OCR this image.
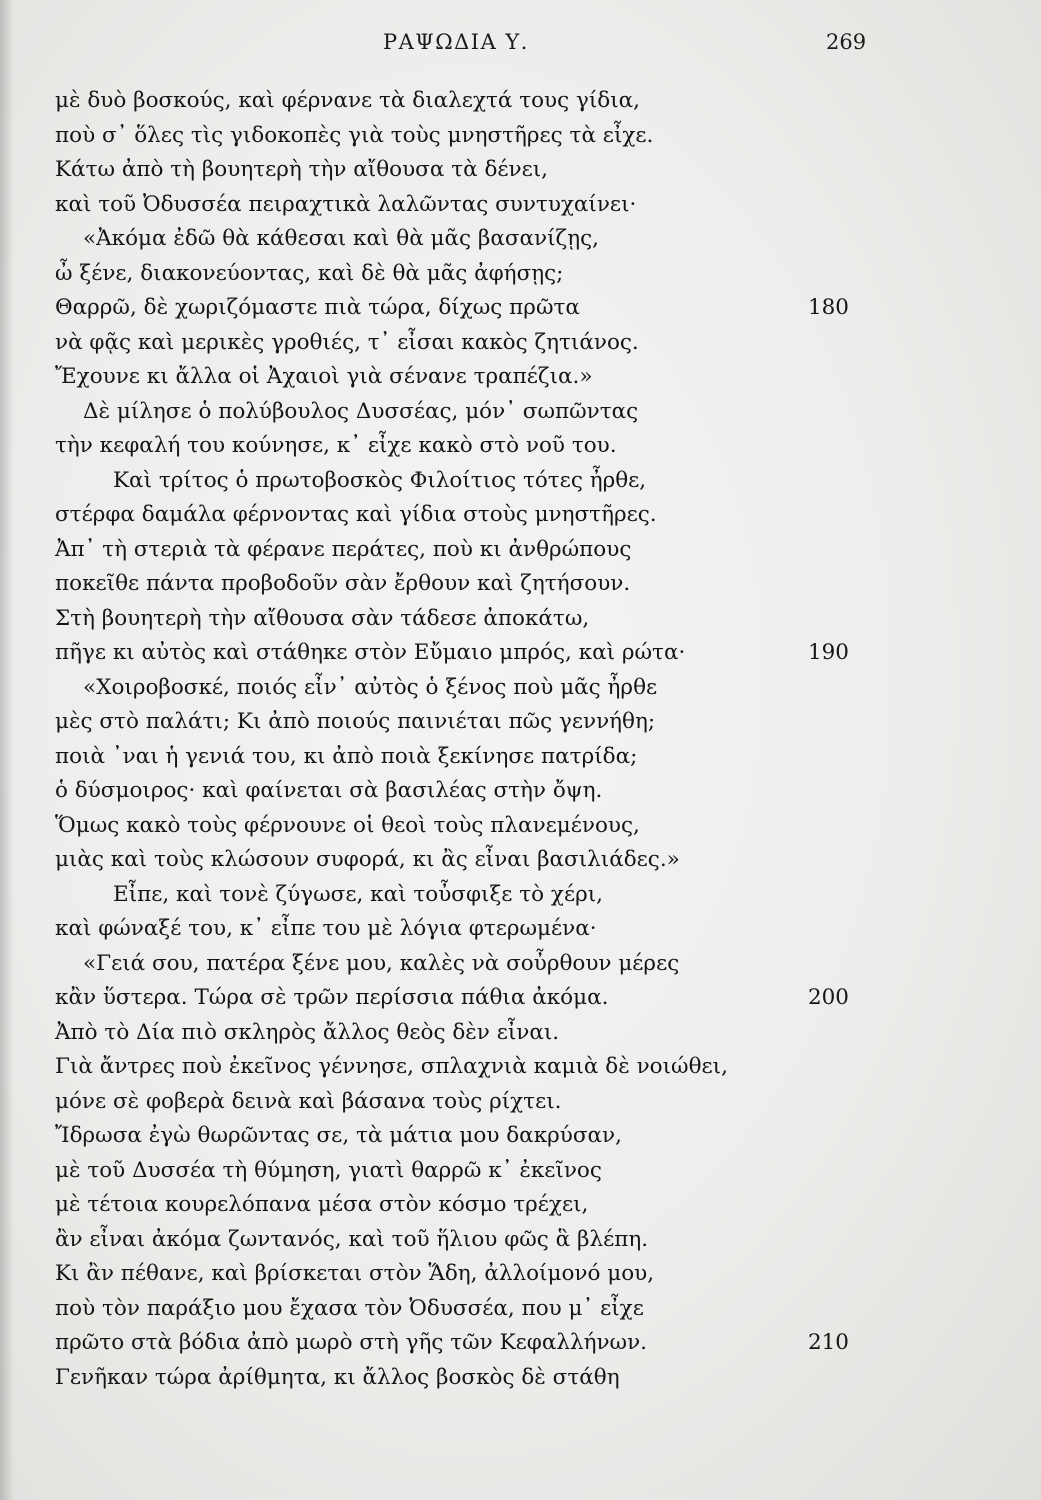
ΡΑΨΩΔΙΑ Υ.	269
μὲ δυὸ βοσκούς, καὶ φέρνανε τὰ διαλεχτά τους γίδια,
ποὺ σ᾿ ὅλες τὶς γιδοκοπὲς γιὰ τοὺς μνηστῆρες τὰ εἶχε.
Κάτω ἀπὸ τὴ βουητερὴ τὴν αἴθουσα τὰ δένει,
καὶ τοῦ Ὀδυσσέα πειραχτικὰ λαλῶντας συντυχαίνει·
«Ἀκόμα ἐδῶ θὰ κάθεσαι καὶ θὰ μᾶς βασανίζῃς,
ὦ ξένε, διακονεύοντας, καὶ δὲ θὰ μᾶς ἀφήσῃς;
Θαρρῶ, δὲ χωριζόμαστε πιὰ τώρα, δίχως πρῶτα	180
νὰ φᾷς καὶ μερικὲς γροθιές, τ᾿ εἶσαι κακὸς ζητιάνος.
Ἔχουνε κι ἄλλα οἱ Ἀχαιοὶ γιὰ σένανε τραπέζια.»
Δὲ μίλησε ὁ πολύβουλος Δυσσέας, μόν᾿ σωπῶντας
τὴν κεφαλή του κούνησε, κ᾿ εἶχε κακὸ στὸ νοῦ του.
Καὶ τρίτος ὁ πρωτοβοσκὸς Φιλοίτιος τότες ἦρθε,
στέρφα δαμάλα φέρνοντας καὶ γίδια στοὺς μνηστῆρες.
Ἀπ᾿ τὴ στεριὰ τὰ φέρανε περάτες, ποὺ κι ἀνθρώπους
ποκεῖθε πάντα προβοδοῦν σὰν ἔρθουν καὶ ζητήσουν.
Στὴ βουητερὴ τὴν αἴθουσα σὰν τάδεσε ἀποκάτω,
πῆγε κι αὐτὸς καὶ στάθηκε στὸν Εὔμαιο μπρός, καὶ ρώτα·	190
«Χοιροβοσκέ, ποιός εἶν᾿ αὐτὸς ὁ ξένος ποὺ μᾶς ἦρθε
μὲς στὸ παλάτι; Κι ἀπὸ ποιούς παινιέται πῶς γεννήθη;
ποιὰ ᾿ναι ἡ γενιά του, κι ἀπὸ ποιὰ ξεκίνησε πατρίδα;
ὁ δύσμοιρος· καὶ φαίνεται σὰ βασιλέας στὴν ὄψη.
Ὅμως κακὸ τοὺς φέρνουνε οἱ θεοὶ τοὺς πλανεμένους,
μιὰς καὶ τοὺς κλώσουν συφορά, κι ἂς εἶναι βασιλιάδες.»
Εἶπε, καὶ τονὲ ζύγωσε, καὶ τοὖσφιξε τὸ χέρι,
καὶ φώναξέ του, κ᾿ εἶπε του μὲ λόγια φτερωμένα·
«Γειά σου, πατέρα ξένε μου, καλὲς νὰ σοὖρθουν μέρες
κἂν ὕστερα. Τώρα σὲ τρῶν περίσσια πάθια ἀκόμα.	200
Ἀπὸ τὸ Δία πιὸ σκληρὸς ἄλλος θεὸς δὲν εἶναι.
Γιὰ ἄντρες ποὺ ἐκεῖνος γέννησε, σπλαχνιὰ καμιὰ δὲ νοιώθει,
μόνε σὲ φοβερὰ δεινὰ καὶ βάσανα τοὺς ρίχτει.
Ἴδρωσα ἐγὼ θωρῶντας σε, τὰ μάτια μου δακρύσαν,
μὲ τοῦ Δυσσέα τὴ θύμηση, γιατὶ θαρρῶ κ᾿ ἐκεῖνος
μὲ τέτοια κουρελόπανα μέσα στὸν κόσμο τρέχει,
ἂν εἶναι ἀκόμα ζωντανός, καὶ τοῦ ἥλιου φῶς ἃ βλέπη.
Κι ἂν πέθανε, καὶ βρίσκεται στὸν Ἅδη, ἀλλοίμονό μου,
ποὺ τὸν παράξιο μου ἔχασα τὸν Ὀδυσσέα, που μ᾿ εἶχε
πρῶτο στὰ βόδια ἀπὸ μωρὸ στὴ γῆς τῶν Κεφαλλήνων.	210
Γενῆκαν τώρα ἀρίθμητα, κι ἄλλος βοσκὸς δὲ στάθη
